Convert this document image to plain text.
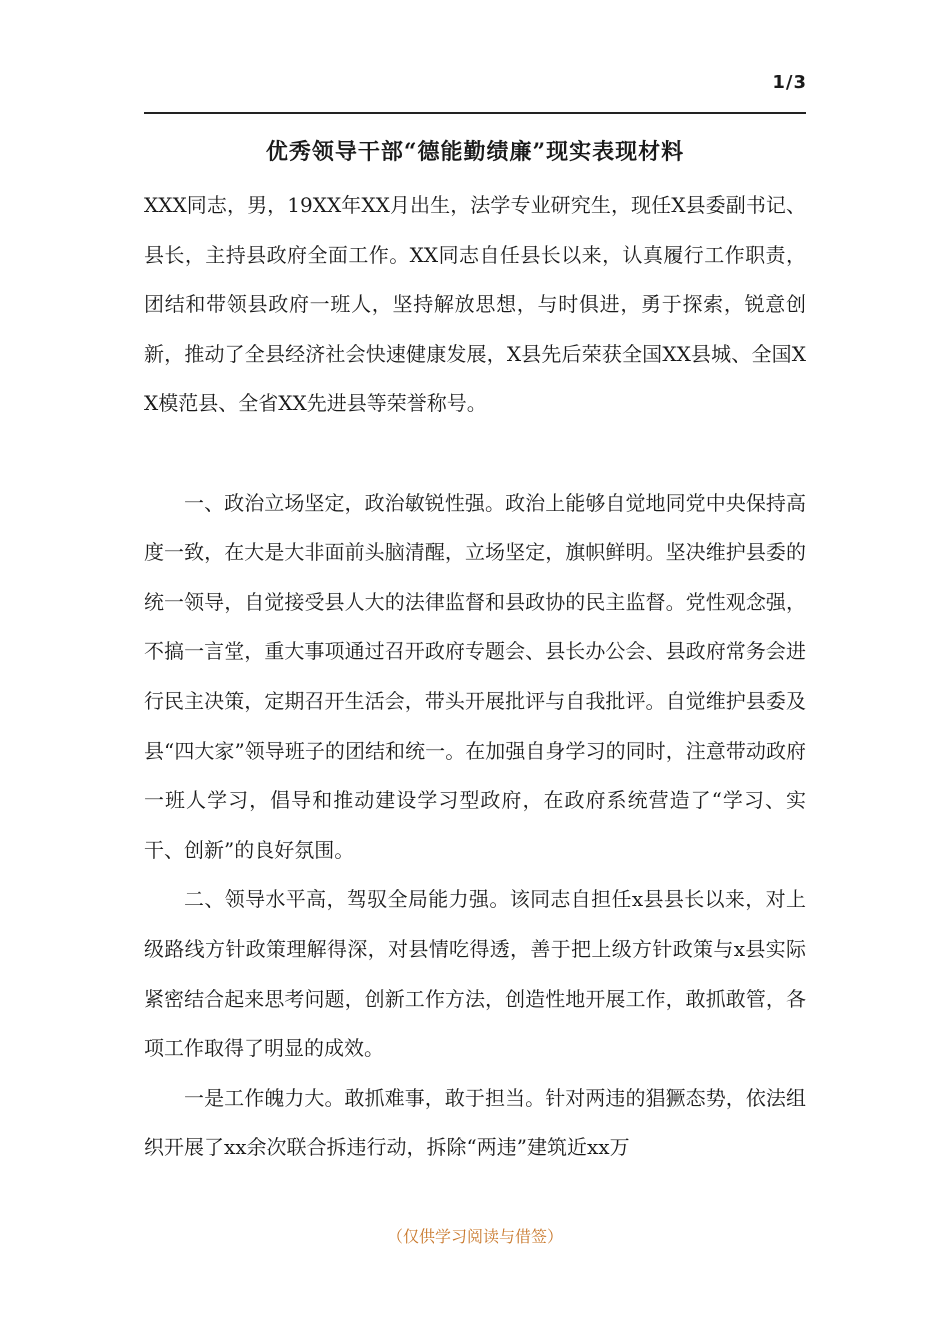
1/3
优秀领导干部“德能勤绩廉”现实表现材料

XXX同志，男，19XX年XX月出生，法学专业研究生，现任X县委副书记、县长，主持县政府全面工作。XX同志自任县长以来，认真履行工作职责，团结和带领县政府一班人，坚持解放思想，与时俱进，勇于探索，锐意创新，推动了全县经济社会快速健康发展，X县先后荣获全国XX县城、全国XX模范县、全省XX先进县等荣誉称号。

一、政治立场坚定，政治敏锐性强。政治上能够自觉地同党中央保持高度一致，在大是大非面前头脑清醒，立场坚定，旗帜鲜明。坚决维护县委的统一领导，自觉接受县人大的法律监督和县政协的民主监督。党性观念强，不搞一言堂，重大事项通过召开政府专题会、县长办公会、县政府常务会进行民主决策，定期召开生活会，带头开展批评与自我批评。自觉维护县委及县“四大家”领导班子的团结和统一。在加强自身学习的同时，注意带动政府一班人学习，倡导和推动建设学习型政府，在政府系统营造了“学习、实干、创新”的良好氛围。

二、领导水平高，驾驭全局能力强。该同志自担任x县县长以来，对上级路线方针政策理解得深，对县情吃得透，善于把上级方针政策与x县实际紧密结合起来思考问题，创新工作方法，创造性地开展工作，敢抓敢管，各项工作取得了明显的成效。

一是工作魄力大。敢抓难事，敢于担当。针对两违的猖獗态势，依法组织开展了xx余次联合拆违行动，拆除“两违”建筑近xx万

（仅供学习阅读与借签）
